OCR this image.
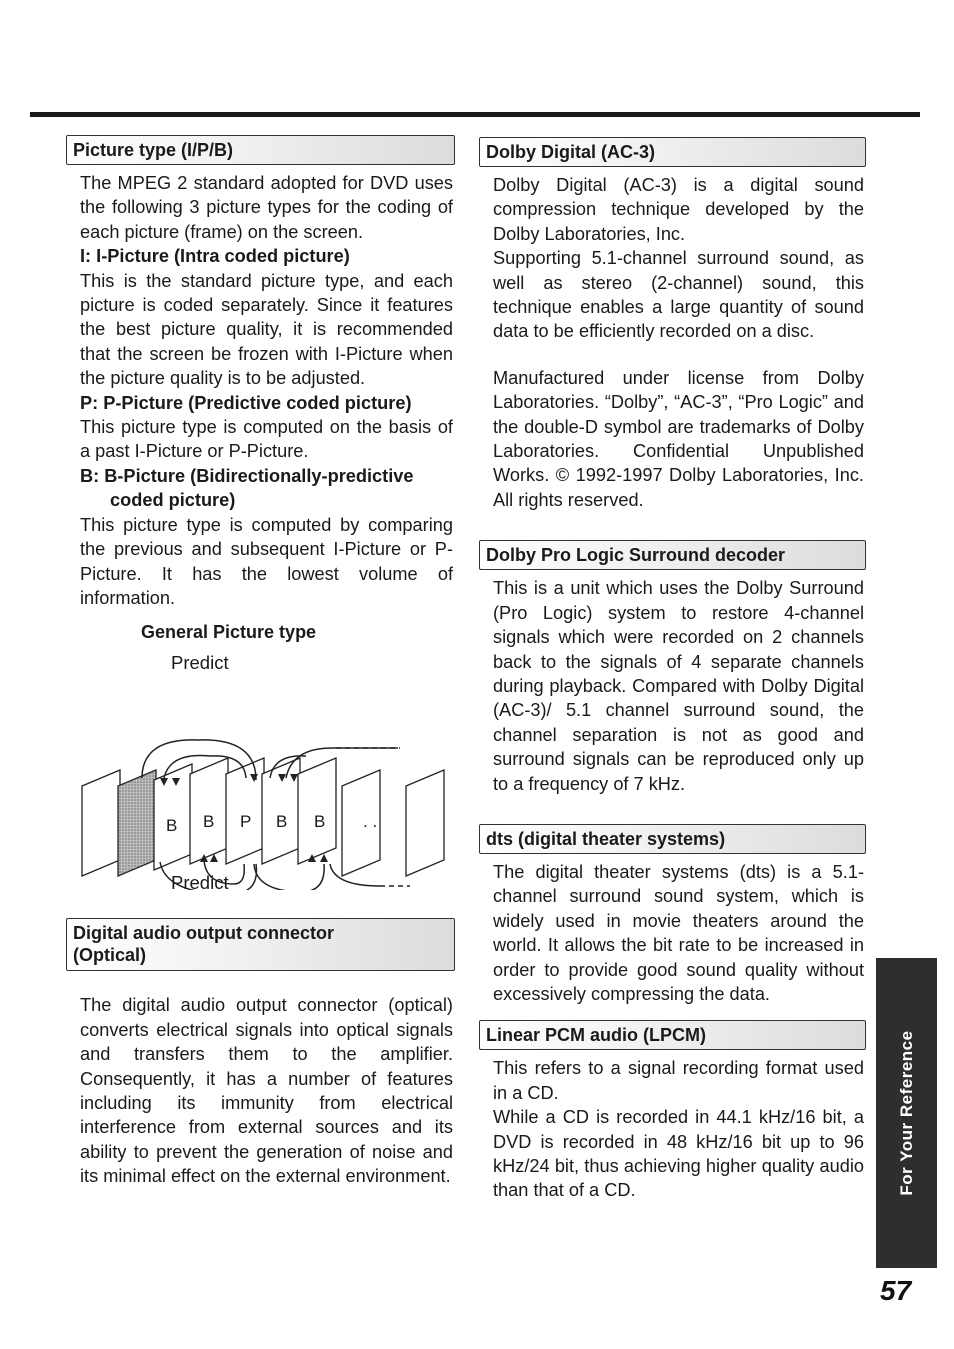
Picture type (I/P/B)

The MPEG 2 standard adopted for DVD uses the following 3 picture types for the coding of each picture (frame) on the screen.

I: I-Picture (Intra coded picture)

This is the standard picture type, and each picture is coded separately. Since it features the best picture quality, it is recommended that the screen be frozen with I-Picture when the picture quality is to be adjusted.

P: P-Picture (Predictive coded picture)

This picture type is computed on the basis of a past I-Picture or P-Picture.

B: B-Picture (Bidirectionally-predictive coded picture)

This picture type is computed by comparing the previous and subsequent I-Picture or P-Picture. It has the lowest volume of information.

General Picture type
Predict
B B P B B . .
Predict
Digital audio output connector
(Optical)

The digital audio output connector (optical) converts electrical signals into optical signals and transfers them to the amplifier. Consequently, it has a number of features including its immunity from electrical interference from external sources and its ability to prevent the generation of noise and its minimal effect on the external environment.

Dolby Digital (AC-3)

Dolby Digital (AC-3) is a digital sound compression technique developed by the Dolby Laboratories, Inc.

Supporting 5.1-channel surround sound, as well as stereo (2-channel) sound, this technique enables a large quantity of sound data to be efficiently recorded on a disc.

Manufactured under license from Dolby Laboratories. “Dolby”, “AC-3”, “Pro Logic” and the double-D symbol are trademarks of Dolby Laboratories. Confidential Unpublished Works. © 1992-1997 Dolby Laboratories, Inc. All rights reserved.

Dolby Pro Logic Surround decoder

This is a unit which uses the Dolby Surround (Pro Logic) system to restore 4-channel signals which were recorded on 2 channels back to the signals of 4 separate channels during playback. Compared with Dolby Digital (AC-3)/ 5.1 channel surround sound, the channel separation is not as good and surround signals can be reproduced only up to a frequency of 7 kHz.

dts (digital theater systems)

The digital theater systems (dts) is a 5.1-channel surround sound system, which is widely used in movie theaters around the world. It allows the bit rate to be increased in order to provide good sound quality without excessively compressing the data.

Linear PCM audio (LPCM)

This refers to a signal recording format used in a CD.

While a CD is recorded in 44.1 kHz/16 bit, a DVD is recorded in 48 kHz/16 bit up to 96 kHz/24 bit, thus achieving higher quality audio than that of a CD.	For Your Reference
57
